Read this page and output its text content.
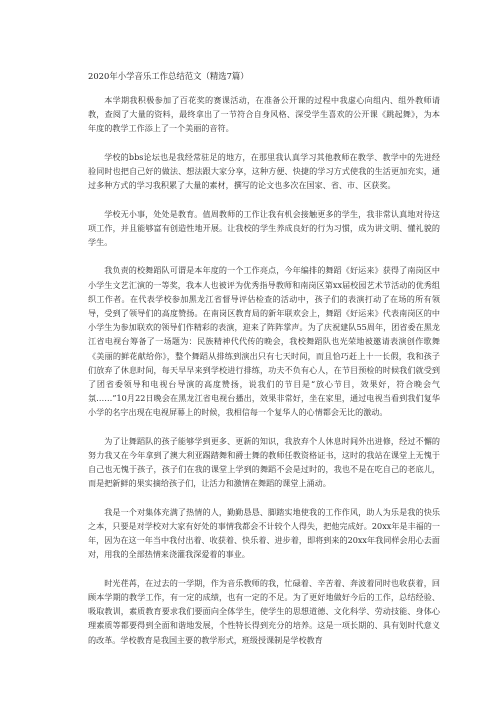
2020年小学音乐工作总结范文（精选7篇）

本学期我积极参加了百花奖的赛课活动，在准备公开课的过程中我虚心向组内、组外教师请教，查阅了大量的资料，最终拿出了一节符合自身风格、深受学生喜欢的公开课《跳起舞》，为本年度的教学工作添上了一个美丽的音符。

学校的bbs论坛也是我经常驻足的地方，在那里我认真学习其他教师在教学、教学中的先进经验同时也把自己好的做法、想法跟大家分享，这种方便、快捷的学习方式使我的生活更加充实，通过多种方式的学习我积累了大量的素材，撰写的论文也多次在国家、省、市、区获奖。

学校无小事，处处是教育。值周教师的工作让我有机会接触更多的学生，我非常认真地对待这项工作，并且能够富有创造性地开展。让我校的学生养成良好的行为习惯，成为讲文明、懂礼貌的学生。

我负责的校舞蹈队可谓是本年度的一个工作亮点，今年编排的舞蹈《好运来》获得了南岗区中小学生文艺汇演的一等奖，我本人也被评为优秀指导教师和南岗区第xx届校园艺术节活动的优秀组织工作者。在代表学校参加黑龙江省督导评估检查的活动中，孩子们的表演打动了在场的所有领导，受到了领导们的高度赞扬。在南岗区教育局的新年联欢会上，舞蹈《好运来》代表南岗区的中小学生为参加联欢的领导们作精彩的表演，迎来了阵阵掌声。为了庆祝建队55周年，团省委在黑龙江省电视台筹备了一场题为：民族精神代代传的晚会，我校舞蹈队也光荣地被邀请表演创作歌舞《美丽的鲜花献给你》，整个舞蹈从排练到演出只有七天时间，而且恰巧赶上十一长假，我和孩子们放弃了休息时间，每天早早来到学校进行排练，功夫不负有心人，在节目预检的时候我们就受到了团省委领导和电视台导演的高度赞扬，说我们的节目是“放心节目，效果好，符合晚会气氛……”10月22日晚会在黑龙江省电视台播出，效果非常好，坐在家里，通过电视当看到我们复华小学的名字出现在电视屏幕上的时候，我相信每一个复华人的心情都会无比的激动。

为了让舞蹈队的孩子能够学到更多、更新的知识，我放弃个人休息时间外出进修，经过不懈的努力我又在今年拿到了澳大利亚踢踏舞和爵士舞的教师任教资格证书，这时的我站在课堂上无愧于自己也无愧于孩子，孩子们在我的课堂上学到的舞蹈不会是过时的，我也不是在吃自己的老底儿，而是把新鲜的果实摘给孩子们，让活力和激情在舞蹈的课堂上涌动。

我是一个对集体充满了热情的人，勤勤恳恳、脚踏实地使我的工作作风，助人为乐是我的快乐之本，只要是对学校对大家有好处的事情我都会不计较个人得失，把他完成好。20xx年是丰福的一年，因为在这一年当中我付出着、收获着、快乐着、进步着，即将到来的20xx年我同样会用心去面对，用我的全部热情来浇灌我深爱着的事业。

时光荏苒，在过去的一学期，作为音乐教师的我，忙碌着、辛苦着、奔波着同时也收获着，回顾本学期的教学工作，有一定的成绩，也有一定的不足。为了更好地做好今后的工作，总结经验、吸取教训，素质教育要求我们要面向全体学生，使学生的思想道德、文化科学、劳动技能、身体心理素质等都要得到全面和谐地发展，个性特长得到充分的培养。这是一项长期的、具有划时代意义的改革。学校教育是我国主要的教学形式，班级授课制是学校教育
